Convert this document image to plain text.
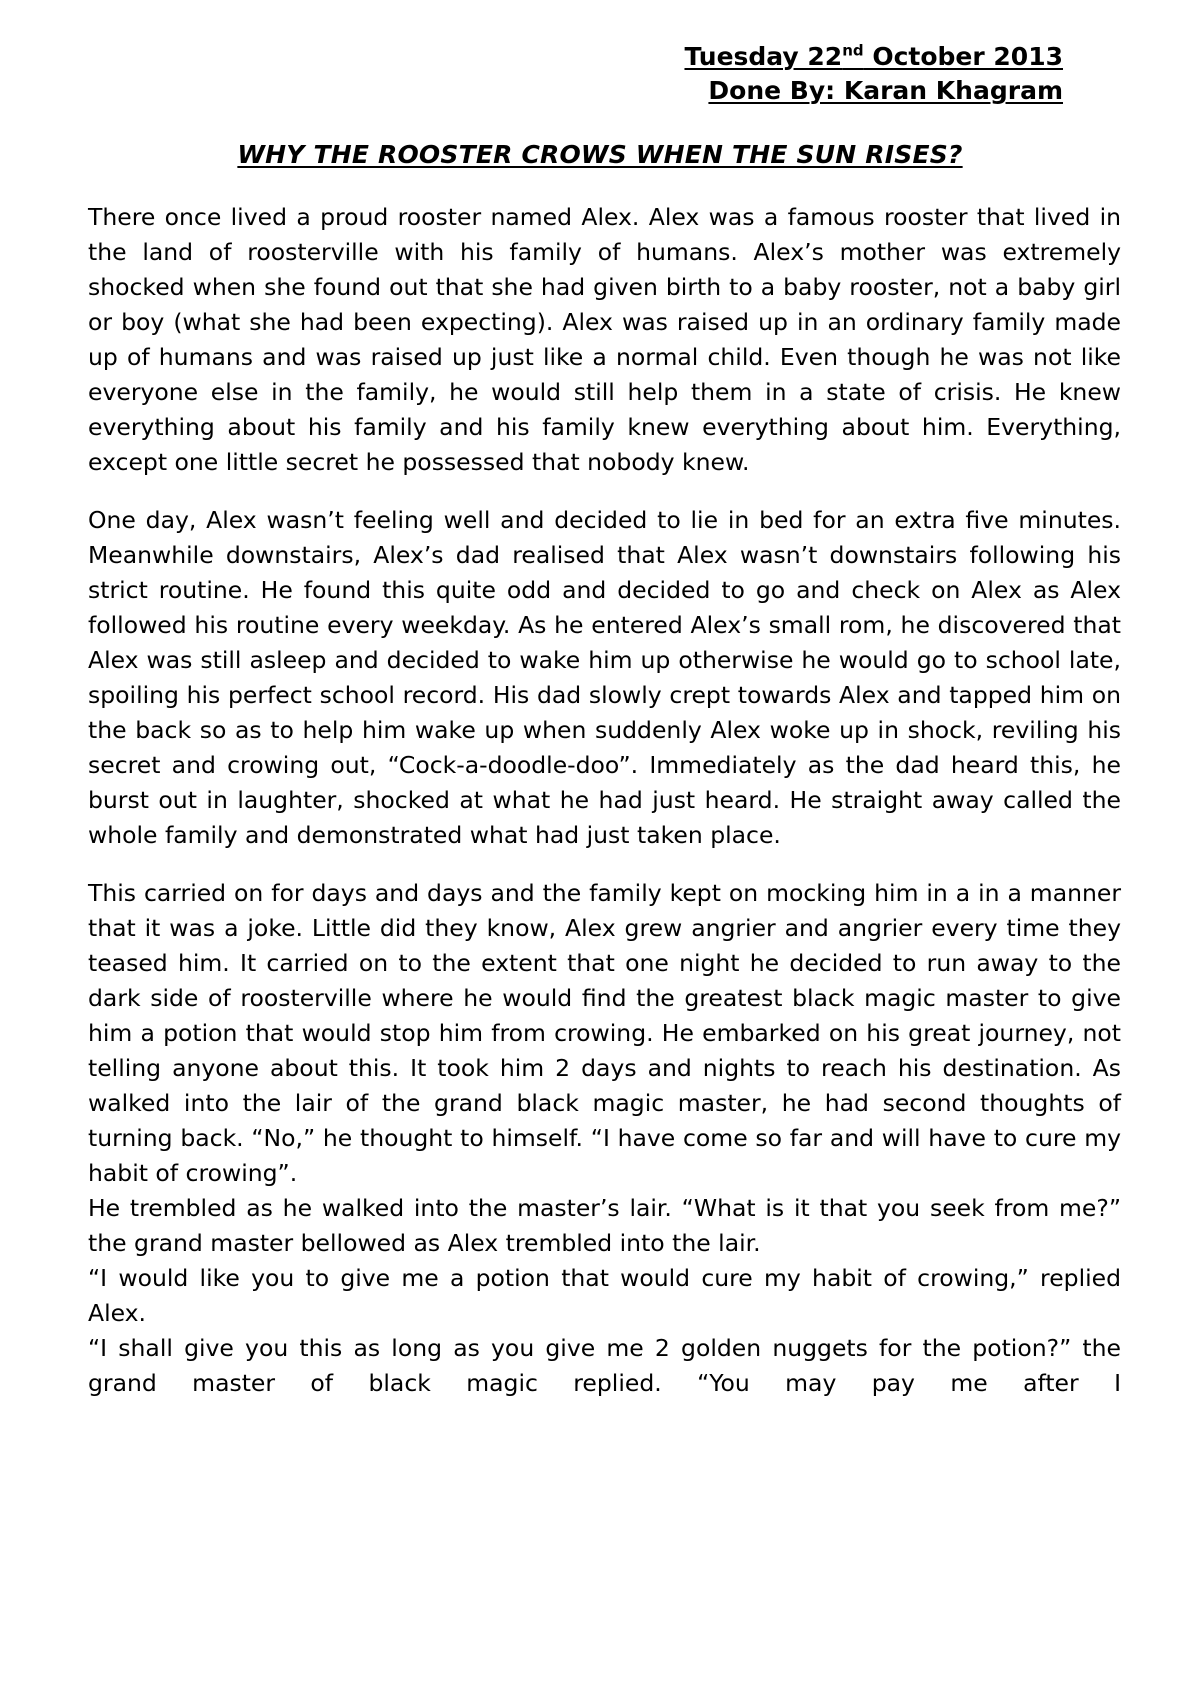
Tuesday 22nd October 2013
Done By: Karan Khagram
WHY THE ROOSTER CROWS WHEN THE SUN RISES?

There once lived a proud rooster named Alex. Alex was a famous rooster that lived in the land of roosterville with his family of humans. Alex’s mother was extremely shocked when she found out that she had given birth to a baby rooster, not a baby girl or boy (what she had been expecting). Alex was raised up in an ordinary family made up of humans and was raised up just like a normal child. Even though he was not like everyone else in the family, he would still help them in a state of crisis. He knew everything about his family and his family knew everything about him. Everything, except one little secret he possessed that nobody knew.

One day, Alex wasn’t feeling well and decided to lie in bed for an extra five minutes. Meanwhile downstairs, Alex’s dad realised that Alex wasn’t downstairs following his strict routine. He found this quite odd and decided to go and check on Alex as Alex followed his routine every weekday. As he entered Alex’s small rom, he discovered that Alex was still asleep and decided to wake him up otherwise he would go to school late, spoiling his perfect school record. His dad slowly crept towards Alex and tapped him on the back so as to help him wake up when suddenly Alex woke up in shock, reviling his secret and crowing out, “Cock-a-doodle-doo”. Immediately as the dad heard this, he burst out in laughter, shocked at what he had just heard. He straight away called the whole family and demonstrated what had just taken place.

This carried on for days and days and the family kept on mocking him in a in a manner that it was a joke. Little did they know, Alex grew angrier and angrier every time they teased him. It carried on to the extent that one night he decided to run away to the dark side of roosterville where he would find the greatest black magic master to give him a potion that would stop him from crowing. He embarked on his great journey, not telling anyone about this. It took him 2 days and nights to reach his destination. As walked into the lair of the grand black magic master, he had second thoughts of turning back. “No,” he thought to himself. “I have come so far and will have to cure my habit of crowing”.

He trembled as he walked into the master’s lair. “What is it that you seek from me?” the grand master bellowed as Alex trembled into the lair.

“I would like you to give me a potion that would cure my habit of crowing,” replied Alex.

“I shall give you this as long as you give me 2 golden nuggets for the potion?” the grand master of black magic replied. “You may pay me after I
